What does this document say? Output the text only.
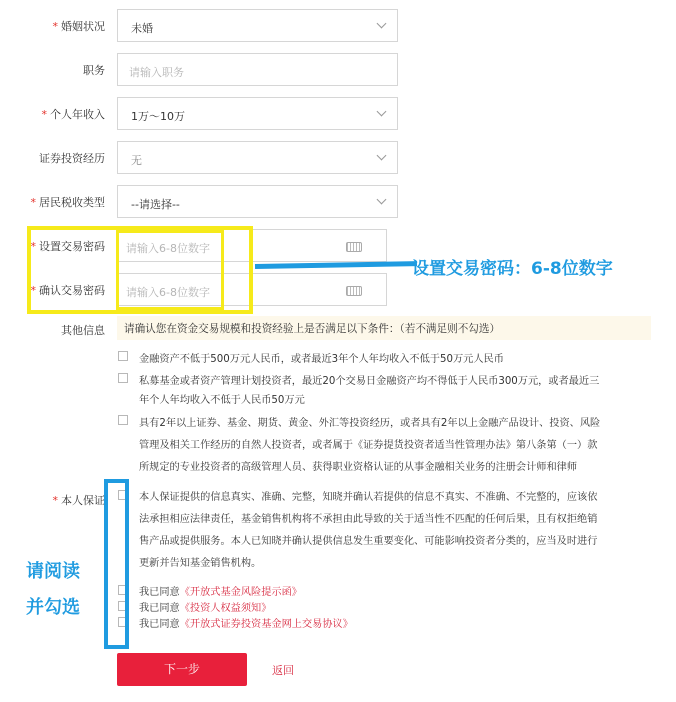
* 婚姻状况 未婚
职务 请输入职务
* 个人年收入 1万～10万
证券投资经历 无
* 居民税收类型 --请选择--
* 设置交易密码 请输入6-8位数字
* 确认交易密码 请输入6-8位数字
其他信息 请确认您在资金交易规模和投资经验上是否满足以下条件：（若不满足则不勾选）
金融资产不低于500万元人民币，或者最近3年个人年均收入不低于50万元人民币
私募基金或者资产管理计划投资者，最近20个交易日金融资产均不得低于人民币300万元，或者最近三
年个人年均收入不低于人民币50万元
具有2年以上证券、基金、期货、黄金、外汇等投资经历，或者具有2年以上金融产品设计、投资、风险
管理及相关工作经历的自然人投资者，或者属于《证券提货投资者适当性管理办法》第八条第（一）款
所规定的专业投资者的高级管理人员、获得职业资格认证的从事金融相关业务的注册会计师和律师
* 本人保证	本人保证提供的信息真实、准确、完整，知晓并确认若提供的信息不真实、不准确、不完整的，应该依
法承担相应法律责任，基金销售机构将不承担由此导致的关于适当性不匹配的任何后果，且有权拒绝销
售产品或提供服务。本人已知晓并确认提供信息发生重要变化、可能影响投资者分类的，应当及时进行
更新并告知基金销售机构。
我已同意《开放式基金风险提示函》
我已同意《投资人权益须知》
我已同意《开放式证券投资基金网上交易协议》
下一步	返回
设置交易密码：6-8位数字
请阅读
并勾选
